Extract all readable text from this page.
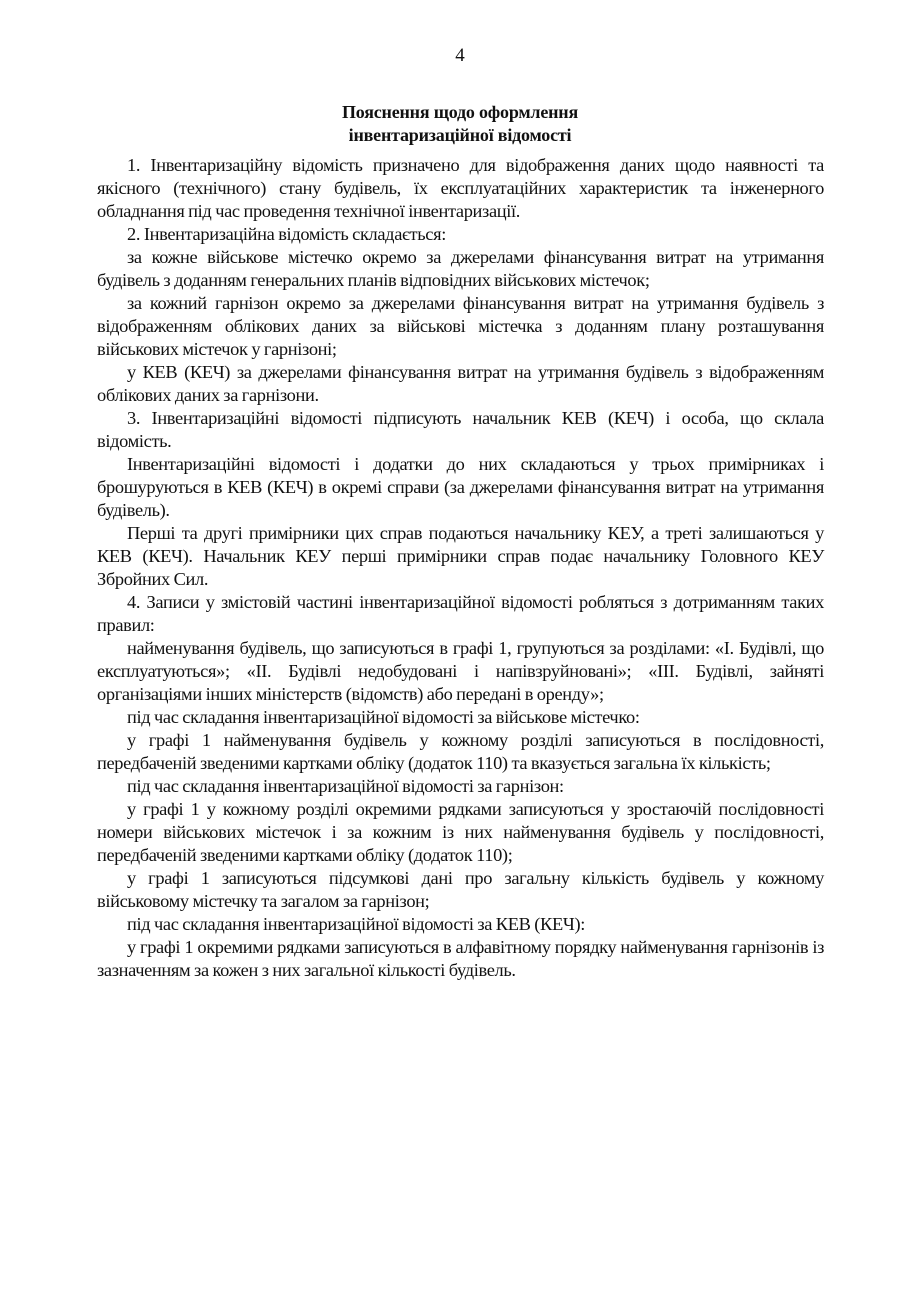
4
Пояснення щодо оформлення
інвентаризаційної відомості

1. Інвентаризаційну відомість призначено для відображення даних щодо наявності та якісного (технічного) стану будівель, їх експлуатаційних характеристик та інженерного обладнання під час проведення технічної інвентаризації.

2. Інвентаризаційна відомість складається:

за кожне військове містечко окремо за джерелами фінансування витрат на утримання будівель з доданням генеральних планів відповідних військових містечок;

за кожний гарнізон окремо за джерелами фінансування витрат на утримання будівель з відображенням облікових даних за військові містечка з доданням плану розташування військових містечок у гарнізоні;

у КЕВ (КЕЧ) за джерелами фінансування витрат на утримання будівель з відображенням облікових даних за гарнізони.

3. Інвентаризаційні відомості підписують начальник КЕВ (КЕЧ) і особа, що склала відомість.

Інвентаризаційні відомості і додатки до них складаються у трьох примірниках і брошуруються в КЕВ (КЕЧ) в окремі справи (за джерелами фінансування витрат на утримання будівель).

Перші та другі примірники цих справ подаються начальнику КЕУ, а треті залишаються у КЕВ (КЕЧ). Начальник КЕУ перші примірники справ подає начальнику Головного КЕУ Збройних Сил.

4. Записи у змістовій частині інвентаризаційної відомості робляться з дотриманням таких правил:

найменування будівель, що записуються в графі 1, групуються за розділами: «І. Будівлі, що експлуатуються»; «ІІ. Будівлі недобудовані і напівзруйновані»; «ІІІ. Будівлі, зайняті організаціями інших міністерств (відомств) або передані в оренду»;

під час складання інвентаризаційної відомості за військове містечко:

у графі 1 найменування будівель у кожному розділі записуються в послідовності, передбаченій зведеними картками обліку (додаток 110) та вказується загальна їх кількість;

під час складання інвентаризаційної відомості за гарнізон:

у графі 1 у кожному розділі окремими рядками записуються у зростаючій послідовності номери військових містечок і за кожним із них найменування будівель у послідовності, передбаченій зведеними картками обліку (додаток 110);

у графі 1 записуються підсумкові дані про загальну кількість будівель у кожному військовому містечку та загалом за гарнізон;

під час складання інвентаризаційної відомості за КЕВ (КЕЧ):

у графі 1 окремими рядками записуються в алфавітному порядку найменування гарнізонів із зазначенням за кожен з них загальної кількості будівель.
